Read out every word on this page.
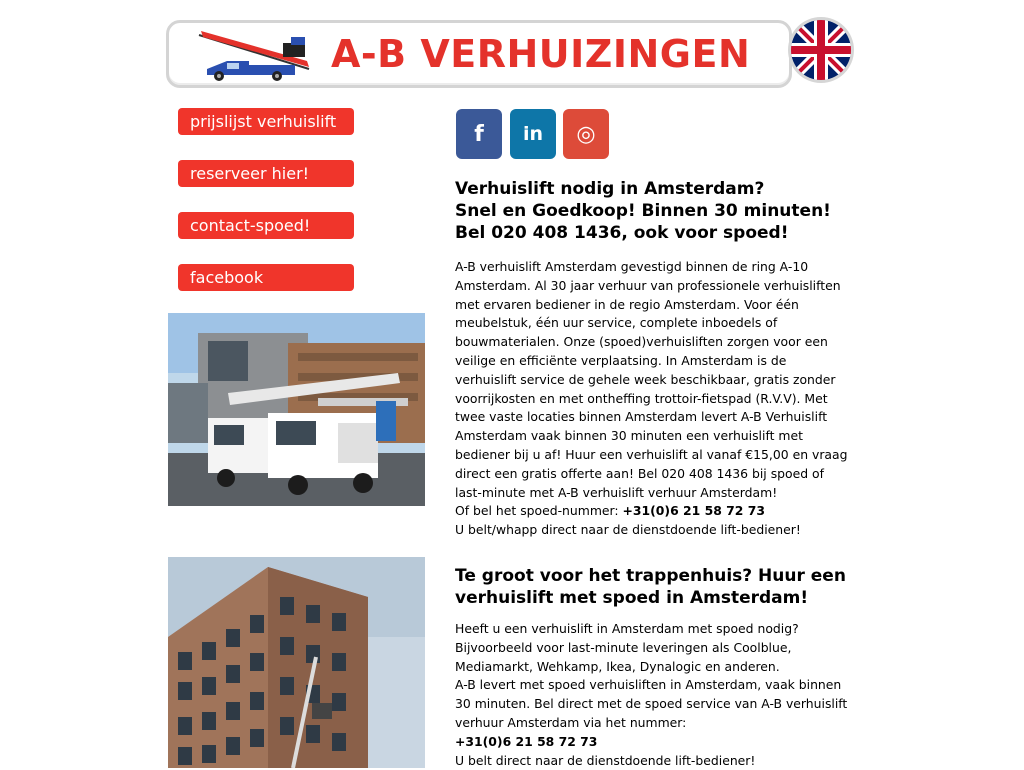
A-B VERHUIZINGEN
prijslijst verhuislift
reserveer hier!
contact-spoed!
facebook
f in ◎
Verhuislift nodig in Amsterdam?
Snel en Goedkoop! Binnen 30 minuten!
Bel 020 408 1436, ook voor spoed!
A-B verhuislift Amsterdam gevestigd binnen de ring A-10 Amsterdam. Al 30 jaar verhuur van professionele verhuisliften met ervaren bediener in de regio Amsterdam. Voor één meubelstuk, één uur service, complete inboedels of bouwmaterialen. Onze (spoed)verhuisliften zorgen voor een veilige en efficiënte verplaatsing. In Amsterdam is de verhuislift service de gehele week beschikbaar, gratis zonder voorrijkosten en met ontheffing trottoir-fietspad (R.V.V). Met twee vaste locaties binnen Amsterdam levert A-B Verhuislift Amsterdam vaak binnen 30 minuten een verhuislift met bediener bij u af! Huur een verhuislift al vanaf €15,00 en vraag direct een gratis offerte aan! Bel 020 408 1436 bij spoed of last-minute met A-B verhuislift verhuur Amsterdam!
Of bel het spoed-nummer: +31(0)6 21 58 72 73
U belt/whapp direct naar de dienstdoende lift-bediener!
Te groot voor het trappenhuis? Huur een
verhuislift met spoed in Amsterdam!
Heeft u een verhuislift in Amsterdam met spoed nodig? Bijvoorbeeld voor last-minute leveringen als Coolblue, Mediamarkt, Wehkamp, Ikea, Dynalogic en anderen.
A-B levert met spoed verhuisliften in Amsterdam, vaak binnen 30 minuten. Bel direct met de spoed service van A-B verhuislift verhuur Amsterdam via het nummer:
+31(0)6 21 58 72 73
U belt direct naar de dienstdoende lift-bediener!
